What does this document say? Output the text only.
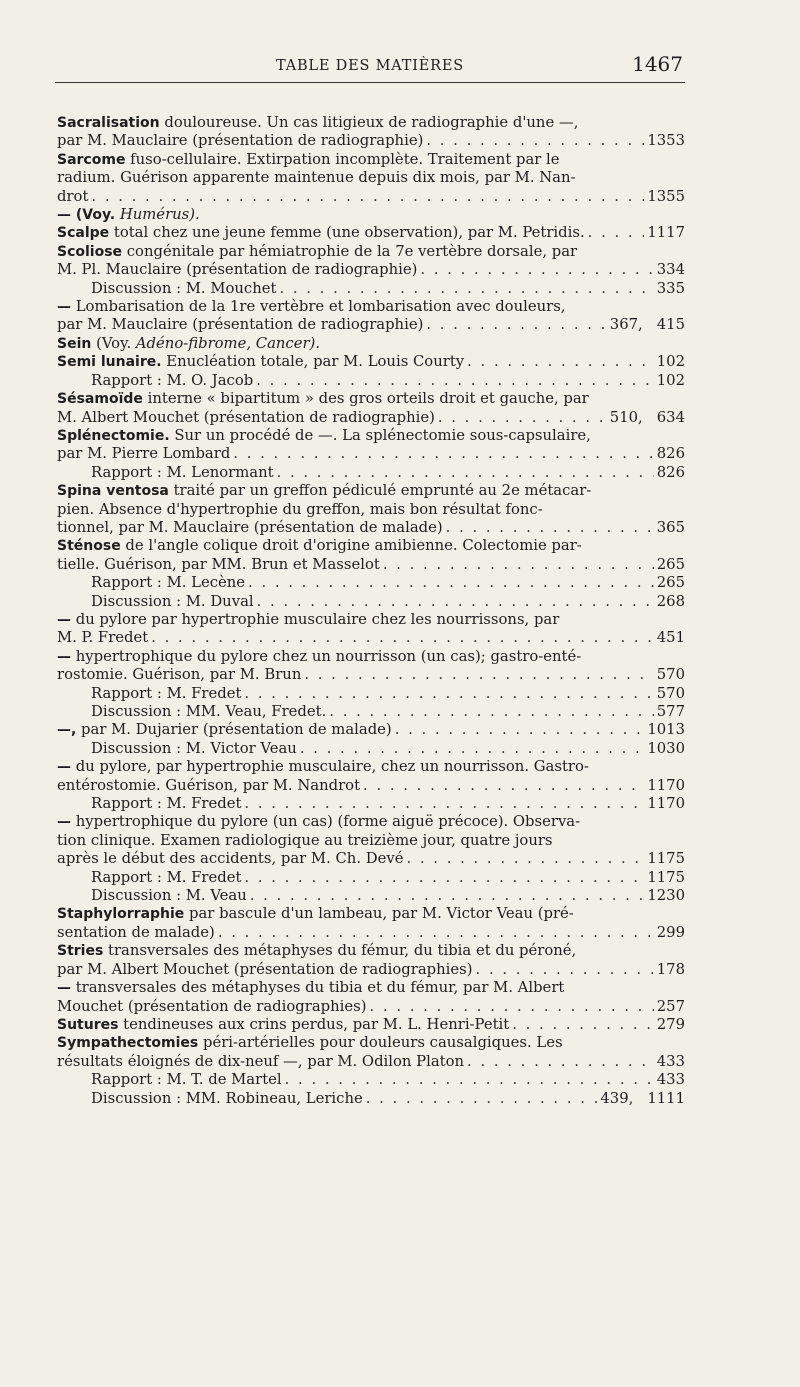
TABLE DES MATIÈRES	1467
Sacralisation douloureuse. Un cas litigieux de radiographie d'une —,
par M. Mauclaire (présentation de radiographie) . . .	1353
Sarcome fuso-cellulaire. Extirpation incomplète. Traitement par le
radium. Guérison apparente maintenue depuis dix mois, par M. Nan-
drot . . .	1355
— (Voy. Humérus).
Scalpe total chez une jeune femme (une observation), par M. Petridis. . . .	1117
Scoliose congénitale par hémiatrophie de la 7e vertèbre dorsale, par
M. Pl. Mauclaire (présentation de radiographie) . . .	334
Discussion : M. Mouchet . . .	335
— Lombarisation de la 1re vertèbre et lombarisation avec douleurs,
par M. Mauclaire (présentation de radiographie) . . .	367, 415
Sein (Voy. Adéno-fibrome, Cancer).
Semi lunaire. Enucléation totale, par M. Louis Courty . . .	102
Rapport : M. O. Jacob . . .	102
Sésamoïde interne « bipartitum » des gros orteils droit et gauche, par
M. Albert Mouchet (présentation de radiographie) . . .	510, 634
Splénectomie. Sur un procédé de —. La splénectomie sous-capsulaire,
par M. Pierre Lombard . . .	826
Rapport : M. Lenormant . . .	826
Spina ventosa traité par un greffon pédiculé emprunté au 2e métacar-
pien. Absence d'hypertrophie du greffon, mais bon résultat fonc-
tionnel, par M. Mauclaire (présentation de malade) . . .	365
Sténose de l'angle colique droit d'origine amibienne. Colectomie par-
tielle. Guérison, par MM. Brun et Masselot . . .	265
Rapport : M. Lecène . . .	265
Discussion : M. Duval . . .	268
— du pylore par hypertrophie musculaire chez les nourrissons, par
M. P. Fredet . . .	451
— hypertrophique du pylore chez un nourrisson (un cas); gastro-enté-
rostomie. Guérison, par M. Brun . . .	570
Rapport : M. Fredet . . .	570
Discussion : MM. Veau, Fredet. . . .	577
—, par M. Dujarier (présentation de malade) . . .	1013
Discussion : M. Victor Veau . . .	1030
— du pylore, par hypertrophie musculaire, chez un nourrisson. Gastro-
entérostomie. Guérison, par M. Nandrot . . .	1170
Rapport : M. Fredet . . .	1170
— hypertrophique du pylore (un cas) (forme aiguë précoce). Observa-
tion clinique. Examen radiologique au treizième jour, quatre jours
après le début des accidents, par M. Ch. Devé . . .	1175
Rapport : M. Fredet . . .	1175
Discussion : M. Veau . . .	1230
Staphylorraphie par bascule d'un lambeau, par M. Victor Veau (pré-
sentation de malade) . . .	299
Stries transversales des métaphyses du fémur, du tibia et du péroné,
par M. Albert Mouchet (présentation de radiographies) . . .	178
— transversales des métaphyses du tibia et du fémur, par M. Albert
Mouchet (présentation de radiographies) . . .	257
Sutures tendineuses aux crins perdus, par M. L. Henri-Petit . . .	279
Sympathectomies péri-artérielles pour douleurs causalgiques. Les
résultats éloignés de dix-neuf —, par M. Odilon Platon . . .	433
Rapport : M. T. de Martel . . .	433
Discussion : MM. Robineau, Leriche . . .	439, 1111
